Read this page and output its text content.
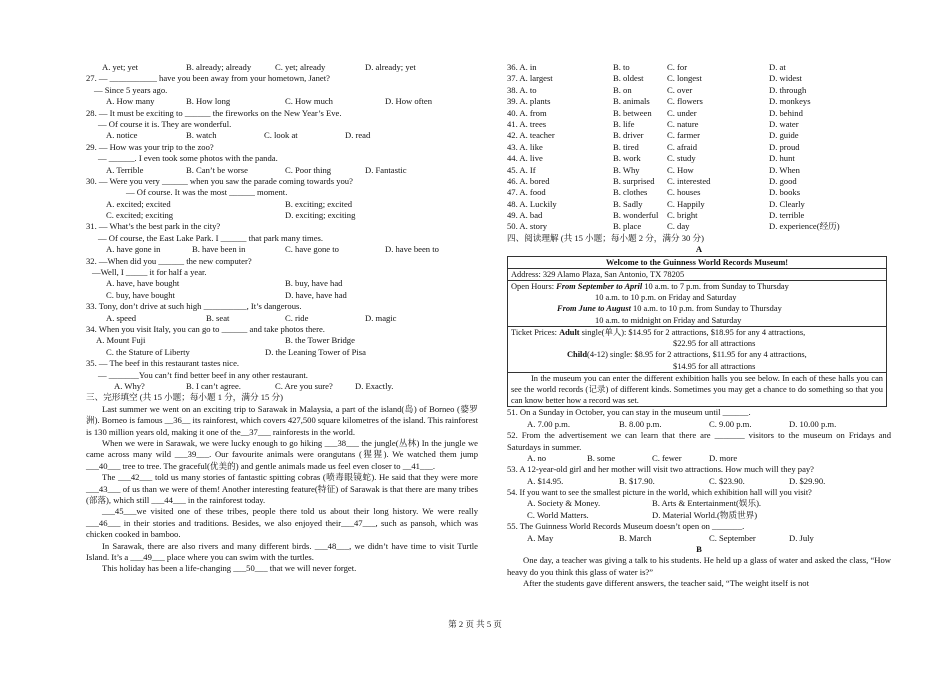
A. yet; yet	B. already; already	C. yet; already	D. already; yet
27. — ___________ have you been away from your hometown, Janet?
— Since 5 years ago.
A. How many	B. How long	C. How much	D. How often
28. — It must be exciting to ______ the fireworks on the New Year’s Eve.
— Of course it is. They are wonderful.
A. notice	B. watch	C. look at	D. read
29. — How was your trip to the zoo?
— ______. I even took some photos with the panda.
A. Terrible	B. Can’t be worse	C. Poor thing	D. Fantastic
30. — Were you very ______ when you saw the parade coming towards you?
— Of course. It was the most ______ moment.
A. excited; excited	B. exciting; excited
C. excited; exciting	D. exciting; exciting
31. — What’s the best park in the city?
— Of course, the East Lake Park. I ______ that park many times.
A. have gone in	B. have been in	C. have gone to	D. have been to
32. —When did you ______ the new computer?
—Well, I _____ it for half a year.
A. have, have bought	B. buy, have had
C. buy, have bought	D. have, have had
33. Tony, don’t drive at such high __________, It’s dangerous.
A. speed	B. seat	C. ride	D. magic
34. When you visit Italy, you can go to ______ and take photos there.
A. Mount Fuji	B. the Tower Bridge
C. the Stature of Liberty	D. the Leaning Tower of Pisa
35. — The beef in this restaurant tastes nice.
— _______You can’t find better beef in any other restaurant.
A. Why?	B. I can’t agree.	C. Are you sure?	D. Exactly.
三、完形填空 (共 15 小题；每小题 1 分，满分 15 分)
Last summer we went on an exciting trip to Sarawak in Malaysia, a part of the island(岛) of Borneo (婆罗洲). Borneo is famous __36__ its rainforest, which covers 427,500 square kilometres of the island. This rainforest is 130 million years old, making it one of the__37___ rainforests in the world.
When we were in Sarawak, we were lucky enough to go hiking ___38___ the jungle(丛林) In the jungle we came across many wild ___39___. Our favourite animals were orangutans (猩猩). We watched them jump ___40___ tree to tree. The graceful(优美的) and gentle animals made us feel even closer to __41___.
The ___42___ told us many stories of fantastic spitting cobras (喷毒眼镜蛇). He said that they were more ___43___ of us than we were of them! Another interesting feature(特征) of Sarawak is that there are many tribes (部落), which still ___44___ in the rainforest today.
___45___we visited one of these tribes, people there told us about their long history. We were really ___46___ in their stories and traditions. Besides, we also enjoyed their___47___, such as pansoh, which was chicken cooked in bamboo.
In Sarawak, there are also rivers and many different birds. ___48___, we didn’t have time to visit Turtle Island. It’s a ___49___ place where you can swim with the turtles.
This holiday has been a life-changing ___50___ that we will never forget.
36. A. in	B. to	C. for	D. at
37. A. largest	B. oldest	C. longest	D. widest
38. A. to	B. on	C. over	D. through
39. A. plants	B. animals C. flowers	D. monkeys
40. A. from	B. between C. under	D. behind
41. A. trees	B. life	C. nature	D. water
42. A. teacher	B. driver	C. farmer	D. guide
43. A. like	B. tired	C. afraid	D. proud
44. A. live	B. work	C. study	D. hunt
45. A. If	B. Why	C. How	D. When
46. A. bored	B. surprised C. interested	D. good
47. A. food	B. clothes C. houses	D. books
48. A. Luckily	B. Sadly	C. Happily	D. Clearly
49. A. bad	B. wonderful C. bright	D. terrible
50. A. story	B. place	C. day	D. experience(经历)
四、阅读理解 (共 15 小题；每小题 2 分，满分 30 分)
A
Welcome to the Guinness World Records Museum!
Address: 329 Alamo Plaza, San Antonio, TX 78205

Open Hours: From September to April 10 a.m. to 7 p.m. from Sunday to Thursday
10 a.m. to 10 p.m. on Friday and Saturday
From June to August 10 a.m. to 10 p.m. from Sunday to Thursday
10 a.m. to midnight on Friday and Saturday

Ticket Prices: Adult single(单人): $14.95 for 2 attractions, $18.95 for any 4 attractions,
$22.95 for all attractions
Child(4-12) single: $8.95 for 2 attractions, $11.95 for any 4 attractions,
$14.95 for all attractions

In the museum you can enter the different exhibition halls you see below. In each of these halls you can see the world records (记录) of different kinds. Sometimes you may get a chance to do something so that you can know better how a record was set.
51. On a Sunday in October, you can stay in the museum until ______.
A. 7.00 p.m.	B. 8.00 p.m.	C. 9.00 p.m.	D. 10.00 p.m.
52. From the advertisement we can learn that there are _______ visitors to the museum on Fridays and Saturdays in summer.
A. no	B. some	C. fewer	D. more
53. A 12-year-old girl and her mother will visit two attractions. How much will they pay?
A. $14.95.	B. $17.90.	C. $23.90.	D. $29.90.
54. If you want to see the smallest picture in the world, which exhibition hall will you visit?
A. Society & Money.	B. Arts & Entertainment(娱乐).
C. World Matters.	D. Material World.(物质世界)
55. The Guinness World Records Museum doesn’t open on _______.
A. May	B. March	C. September	D. July
B
One day, a teacher was giving a talk to his students. He held up a glass of water and asked the class, “How heavy do you think this glass of water is?”
After the students gave different answers, the teacher said, “The weight itself is not
第 2 页 共 5 页
